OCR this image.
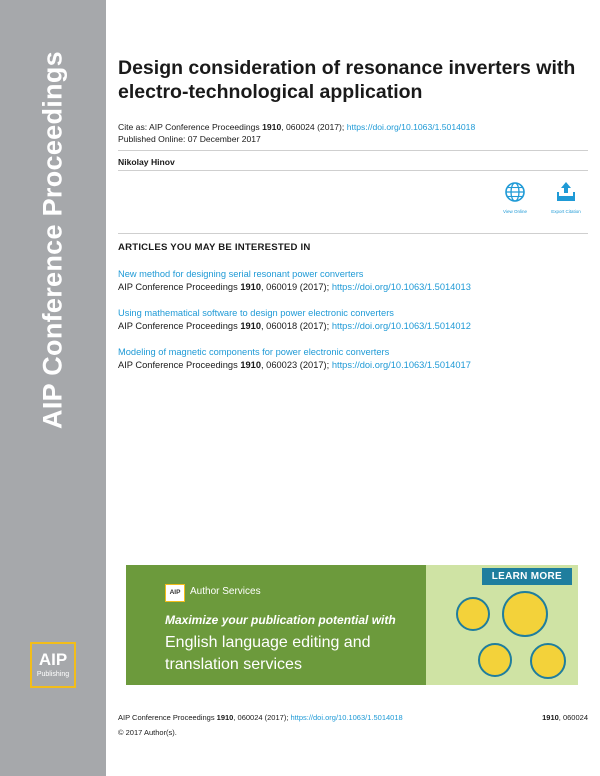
AIP Conference Proceedings
AIP
Publishing
Design consideration of resonance inverters with electro-technological application
Cite as: AIP Conference Proceedings 1910, 060024 (2017); https://doi.org/10.1063/1.5014018
Published Online: 07 December 2017
Nikolay Hinov
View Online	Export Citation
ARTICLES YOU MAY BE INTERESTED IN
New method for designing serial resonant power converters
AIP Conference Proceedings 1910, 060019 (2017); https://doi.org/10.1063/1.5014013
Using mathematical software to design power electronic converters
AIP Conference Proceedings 1910, 060018 (2017); https://doi.org/10.1063/1.5014012
Modeling of magnetic components for power electronic converters
AIP Conference Proceedings 1910, 060023 (2017); https://doi.org/10.1063/1.5014017
LEARN MORE
AIP Author Services
Maximize your publication potential with
English language editing and
translation services
AIP Conference Proceedings 1910, 060024 (2017); https://doi.org/10.1063/1.5014018	1910, 060024
© 2017 Author(s).
